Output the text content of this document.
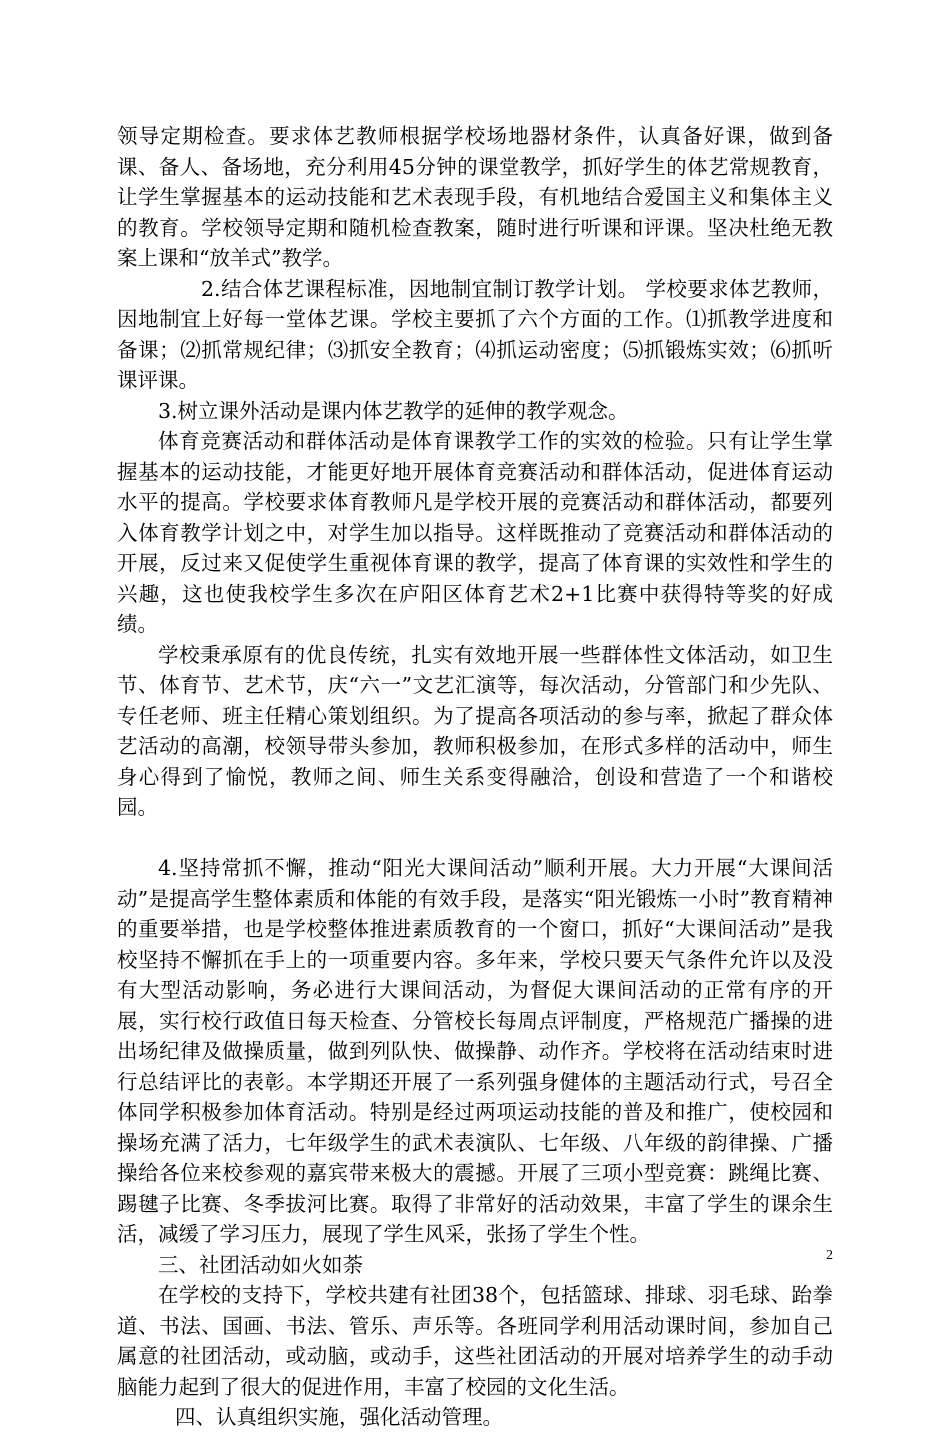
领导定期检查。要求体艺教师根据学校场地器材条件，认真备好课，做到备课、备人、备场地，充分利用45分钟的课堂教学，抓好学生的体艺常规教育，让学生掌握基本的运动技能和艺术表现手段，有机地结合爱国主义和集体主义的教育。学校领导定期和随机检查教案，随时进行听课和评课。坚决杜绝无教案上课和“放羊式”教学。

2.结合体艺课程标准，因地制宜制订教学计划。 学校要求体艺教师，因地制宜上好每一堂体艺课。学校主要抓了六个方面的工作。⑴抓教学进度和备课；⑵抓常规纪律；⑶抓安全教育；⑷抓运动密度；⑸抓锻炼实效；⑹抓听课评课。

3.树立课外活动是课内体艺教学的延伸的教学观念。

体育竞赛活动和群体活动是体育课教学工作的实效的检验。只有让学生掌握基本的运动技能，才能更好地开展体育竞赛活动和群体活动，促进体育运动水平的提高。学校要求体育教师凡是学校开展的竞赛活动和群体活动，都要列入体育教学计划之中，对学生加以指导。这样既推动了竞赛活动和群体活动的开展，反过来又促使学生重视体育课的教学，提高了体育课的实效性和学生的兴趣，这也使我校学生多次在庐阳区体育艺术2+1比赛中获得特等奖的好成绩。

学校秉承原有的优良传统，扎实有效地开展一些群体性文体活动，如卫生节、体育节、艺术节，庆“六一”文艺汇演等，每次活动，分管部门和少先队、专任老师、班主任精心策划组织。为了提高各项活动的参与率，掀起了群众体艺活动的高潮，校领导带头参加，教师积极参加，在形式多样的活动中，师生身心得到了愉悦，教师之间、师生关系变得融洽，创设和营造了一个和谐校园。

4.坚持常抓不懈，推动“阳光大课间活动”顺利开展。大力开展“大课间活动”是提高学生整体素质和体能的有效手段，是落实“阳光锻炼一小时”教育精神的重要举措，也是学校整体推进素质教育的一个窗口，抓好“大课间活动”是我校坚持不懈抓在手上的一项重要内容。多年来，学校只要天气条件允许以及没有大型活动影响，务必进行大课间活动，为督促大课间活动的正常有序的开展，实行校行政值日每天检查、分管校长每周点评制度，严格规范广播操的进出场纪律及做操质量，做到列队快、做操静、动作齐。学校将在活动结束时进行总结评比的表彰。本学期还开展了一系列强身健体的主题活动行式，号召全体同学积极参加体育活动。特别是经过两项运动技能的普及和推广，使校园和操场充满了活力，七年级学生的武术表演队、七年级、八年级的韵律操、广播操给各位来校参观的嘉宾带来极大的震撼。开展了三项小型竞赛：跳绳比赛、踢毽子比赛、冬季拔河比赛。取得了非常好的活动效果，丰富了学生的课余生活，减缓了学习压力，展现了学生风采，张扬了学生个性。

三、社团活动如火如荼

在学校的支持下，学校共建有社团38个，包括篮球、排球、羽毛球、跆拳道、书法、国画、书法、管乐、声乐等。各班同学利用活动课时间，参加自己属意的社团活动，或动脑，或动手，这些社团活动的开展对培养学生的动手动脑能力起到了很大的促进作用，丰富了校园的文化生活。

四、认真组织实施，强化活动管理。

2
